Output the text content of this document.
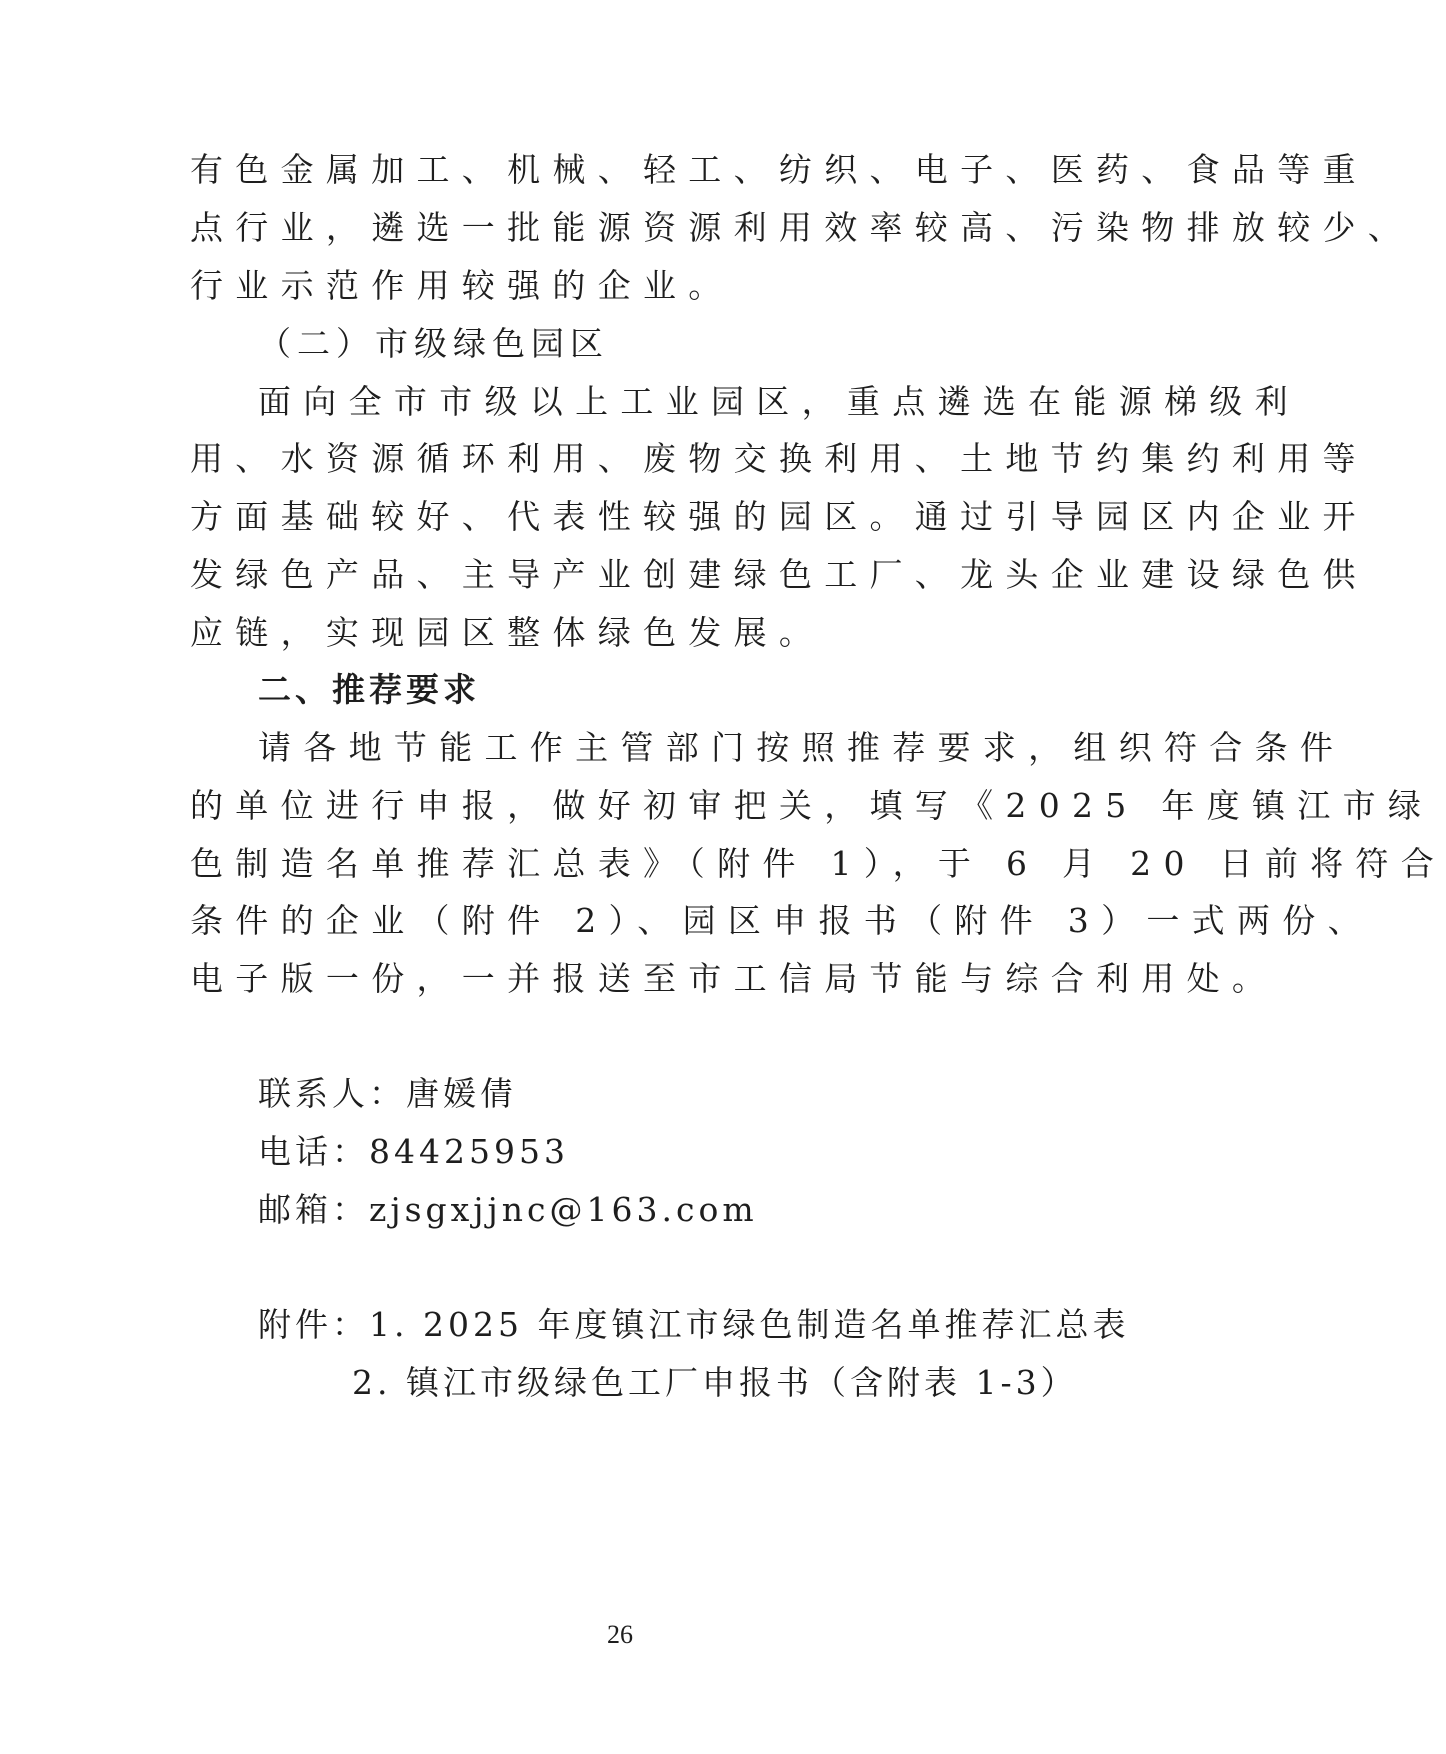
有色金属加工、机械、轻工、纺织、电子、医药、食品等重
点行业，遴选一批能源资源利用效率较高、污染物排放较少、
行业示范作用较强的企业。
（二）市级绿色园区
面向全市市级以上工业园区，重点遴选在能源梯级利
用、水资源循环利用、废物交换利用、土地节约集约利用等
方面基础较好、代表性较强的园区。通过引导园区内企业开
发绿色产品、主导产业创建绿色工厂、龙头企业建设绿色供
应链，实现园区整体绿色发展。
二、推荐要求
请各地节能工作主管部门按照推荐要求，组织符合条件
的单位进行申报，做好初审把关，填写《2025 年度镇江市绿
色制造名单推荐汇总表》（附件 1），于 6 月 20 日前将符合
条件的企业（附件 2）、园区申报书（附件 3）一式两份、
电子版一份，一并报送至市工信局节能与综合利用处。
联系人：唐媛倩
电话：84425953
邮箱：zjsgxjjnc@163.com
附件：1. 2025 年度镇江市绿色制造名单推荐汇总表
2. 镇江市级绿色工厂申报书（含附表 1-3）
26
